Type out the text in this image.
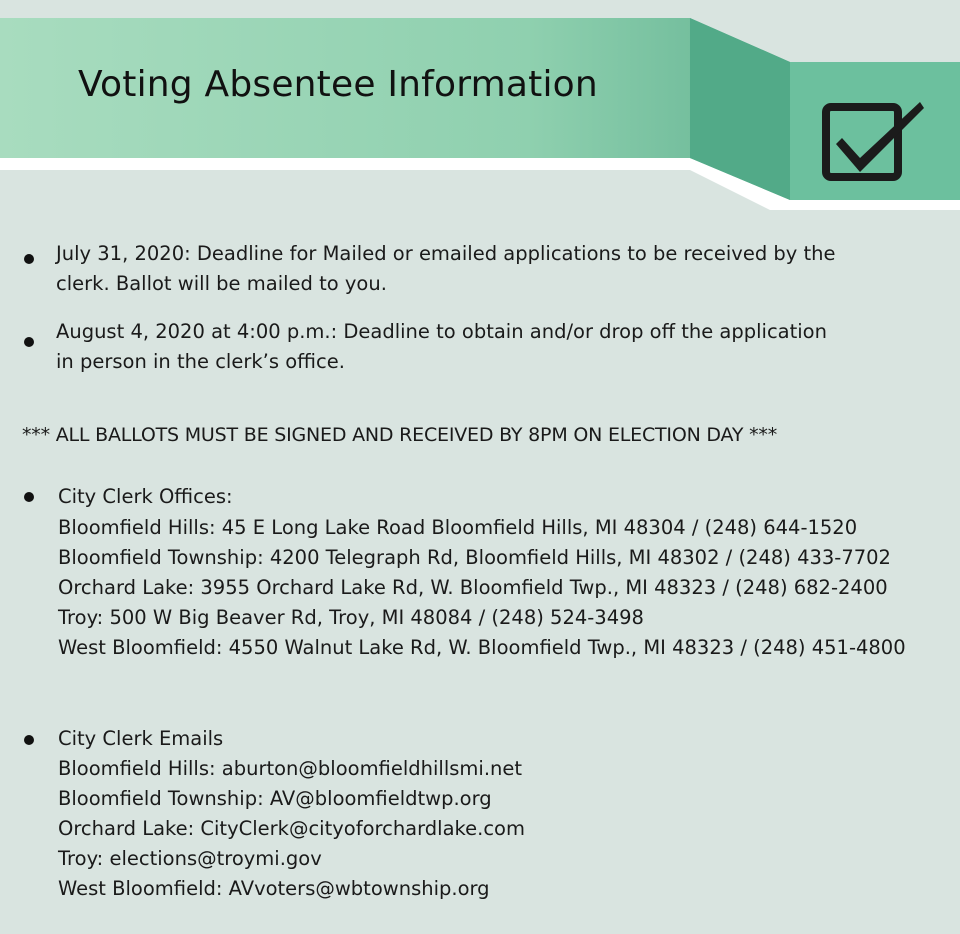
Voting Absentee Information
July 31, 2020: Deadline for Mailed or emailed applications to be received by the
clerk. Ballot will be mailed to you.
August 4, 2020 at 4:00 p.m.: Deadline to obtain and/or drop off the application
in person in the clerk’s office.
*** ALL BALLOTS MUST BE SIGNED AND RECEIVED BY 8PM ON ELECTION DAY ***
City Clerk Offices:
Bloomfield Hills: 45 E Long Lake Road Bloomfield Hills, MI 48304 / (248) 644-1520
Bloomfield Township: 4200 Telegraph Rd, Bloomfield Hills, MI 48302 / (248) 433-7702
Orchard Lake: 3955 Orchard Lake Rd, W. Bloomfield Twp., MI 48323 / (248) 682-2400
Troy: 500 W Big Beaver Rd, Troy, MI 48084 / (248) 524-3498
West Bloomfield: 4550 Walnut Lake Rd, W. Bloomfield Twp., MI 48323 / (248) 451-4800
City Clerk Emails
Bloomfield Hills: aburton@bloomfieldhillsmi.net
Bloomfield Township: AV@bloomfieldtwp.org
Orchard Lake: CityClerk@cityoforchardlake.com
Troy: elections@troymi.gov
West Bloomfield: AVvoters@wbtownship.org
